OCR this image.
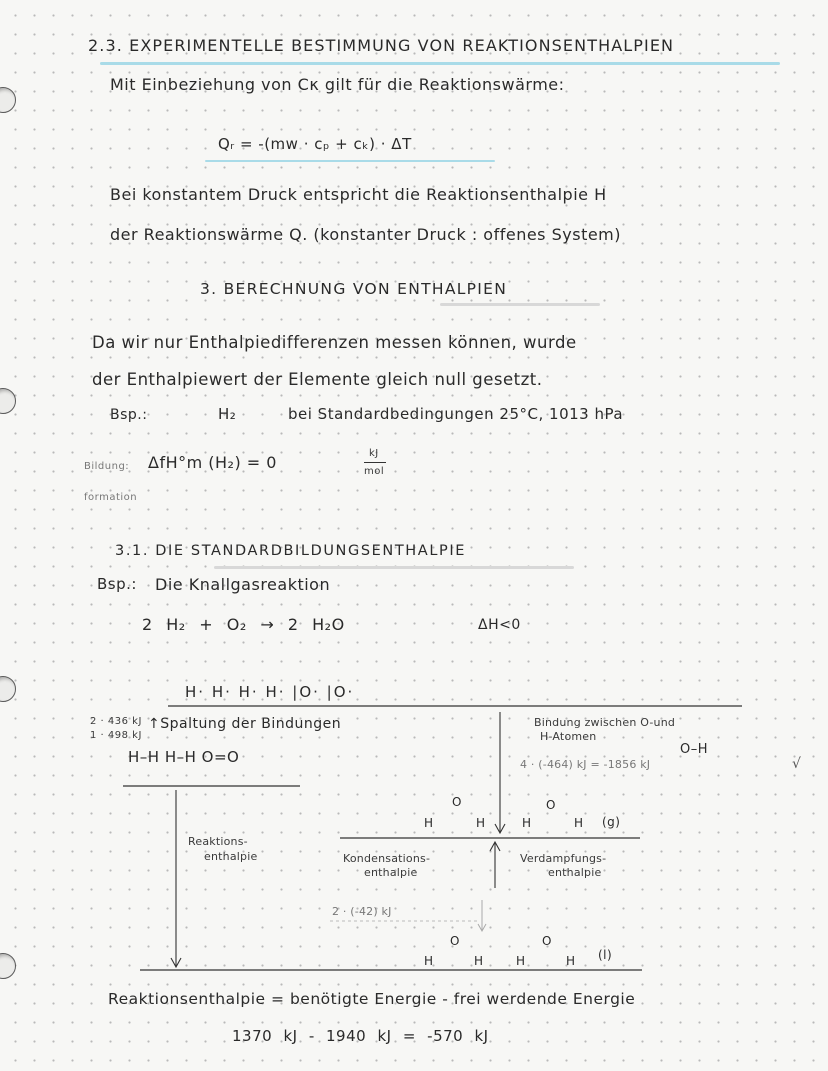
2.3. EXPERIMENTELLE BESTIMMUNG VON REAKTIONSENTHALPIEN
Mit Einbeziehung von Cκ gilt für die Reaktionswärme:
Qᵣ = -(mᴡ · cₚ + cₖ) · ΔT
Bei konstantem Druck entspricht die Reaktionsenthalpie H
der Reaktionswärme Q. (konstanter Druck : offenes System)
3. BERECHNUNG VON ENTHALPIEN
Da wir nur Enthalpiedifferenzen messen können, wurde
der Enthalpiewert der Elemente gleich null gesetzt.
Bsp.:	H₂	bei Standardbedingungen 25°C, 1013 hPa
Bildung:
formation
ΔfH°m (H₂) = 0	kJ
mol
3.1. DIE STANDARDBILDUNGSENTHALPIE
Bsp.: Die Knallgasreaktion
2 H₂ + O₂ → 2 H₂O	ΔH<0
H· H· H· H· |O· |O·
2 · 436 kJ
1 · 498 kJ
↑Spaltung der Bindungen
H–H H–H O=O
Bindung zwischen O-und
H-Atomen
O–H
4 · (-464) kJ = -1856 kJ	√
O
H	H
O
H	H (g)
Reaktions-
enthalpie	Kondensations-
enthalpie
2 · (-42) kJ
Verdampfungs-
enthalpie
O
H	H
O
H	H (l)
Reaktionsenthalpie = benötigte Energie - frei werdende Energie
1370 kJ - 1940 kJ = -570 kJ
